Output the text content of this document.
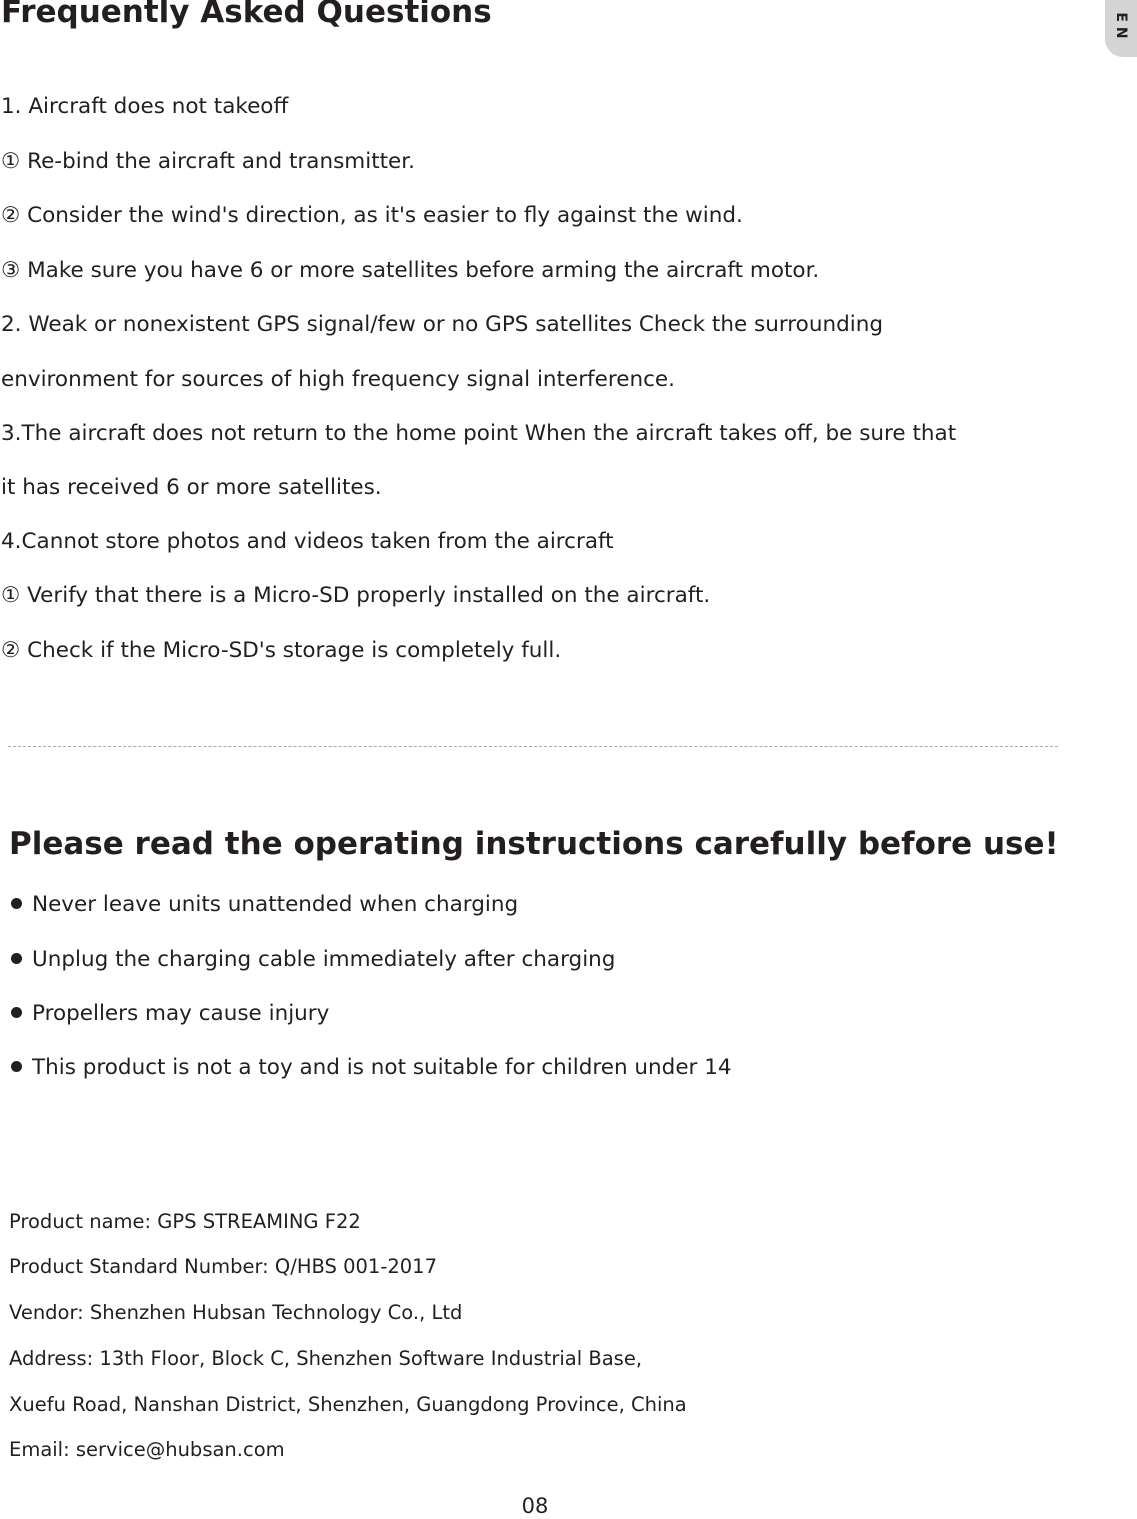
Frequently Asked Questions	EN

1. Aircraft does not takeoff

① Re-bind the aircraft and transmitter.

② Consider the wind's direction, as it's easier to fly against the wind.

③ Make sure you have 6 or more satellites before arming the aircraft motor.

2. Weak or nonexistent GPS signal/few or no GPS satellites Check the surrounding

environment for sources of high frequency signal interference.

3.The aircraft does not return to the home point When the aircraft takes off, be sure that

it has received 6 or more satellites.

4.Cannot store photos and videos taken from the aircraft

① Verify that there is a Micro-SD properly installed on the aircraft.

② Check if the Micro-SD's storage is completely full.

Please read the operating instructions carefully before use!

Never leave units unattended when charging

Unplug the charging cable immediately after charging

Propellers may cause injury

This product is not a toy and is not suitable for children under 14

Product name: GPS STREAMING F22

Product Standard Number: Q/HBS 001-2017

Vendor: Shenzhen Hubsan Technology Co., Ltd

Address: 13th Floor, Block C, Shenzhen Software Industrial Base,

Xuefu Road, Nanshan District, Shenzhen, Guangdong Province, China

Email: service@hubsan.com

08
